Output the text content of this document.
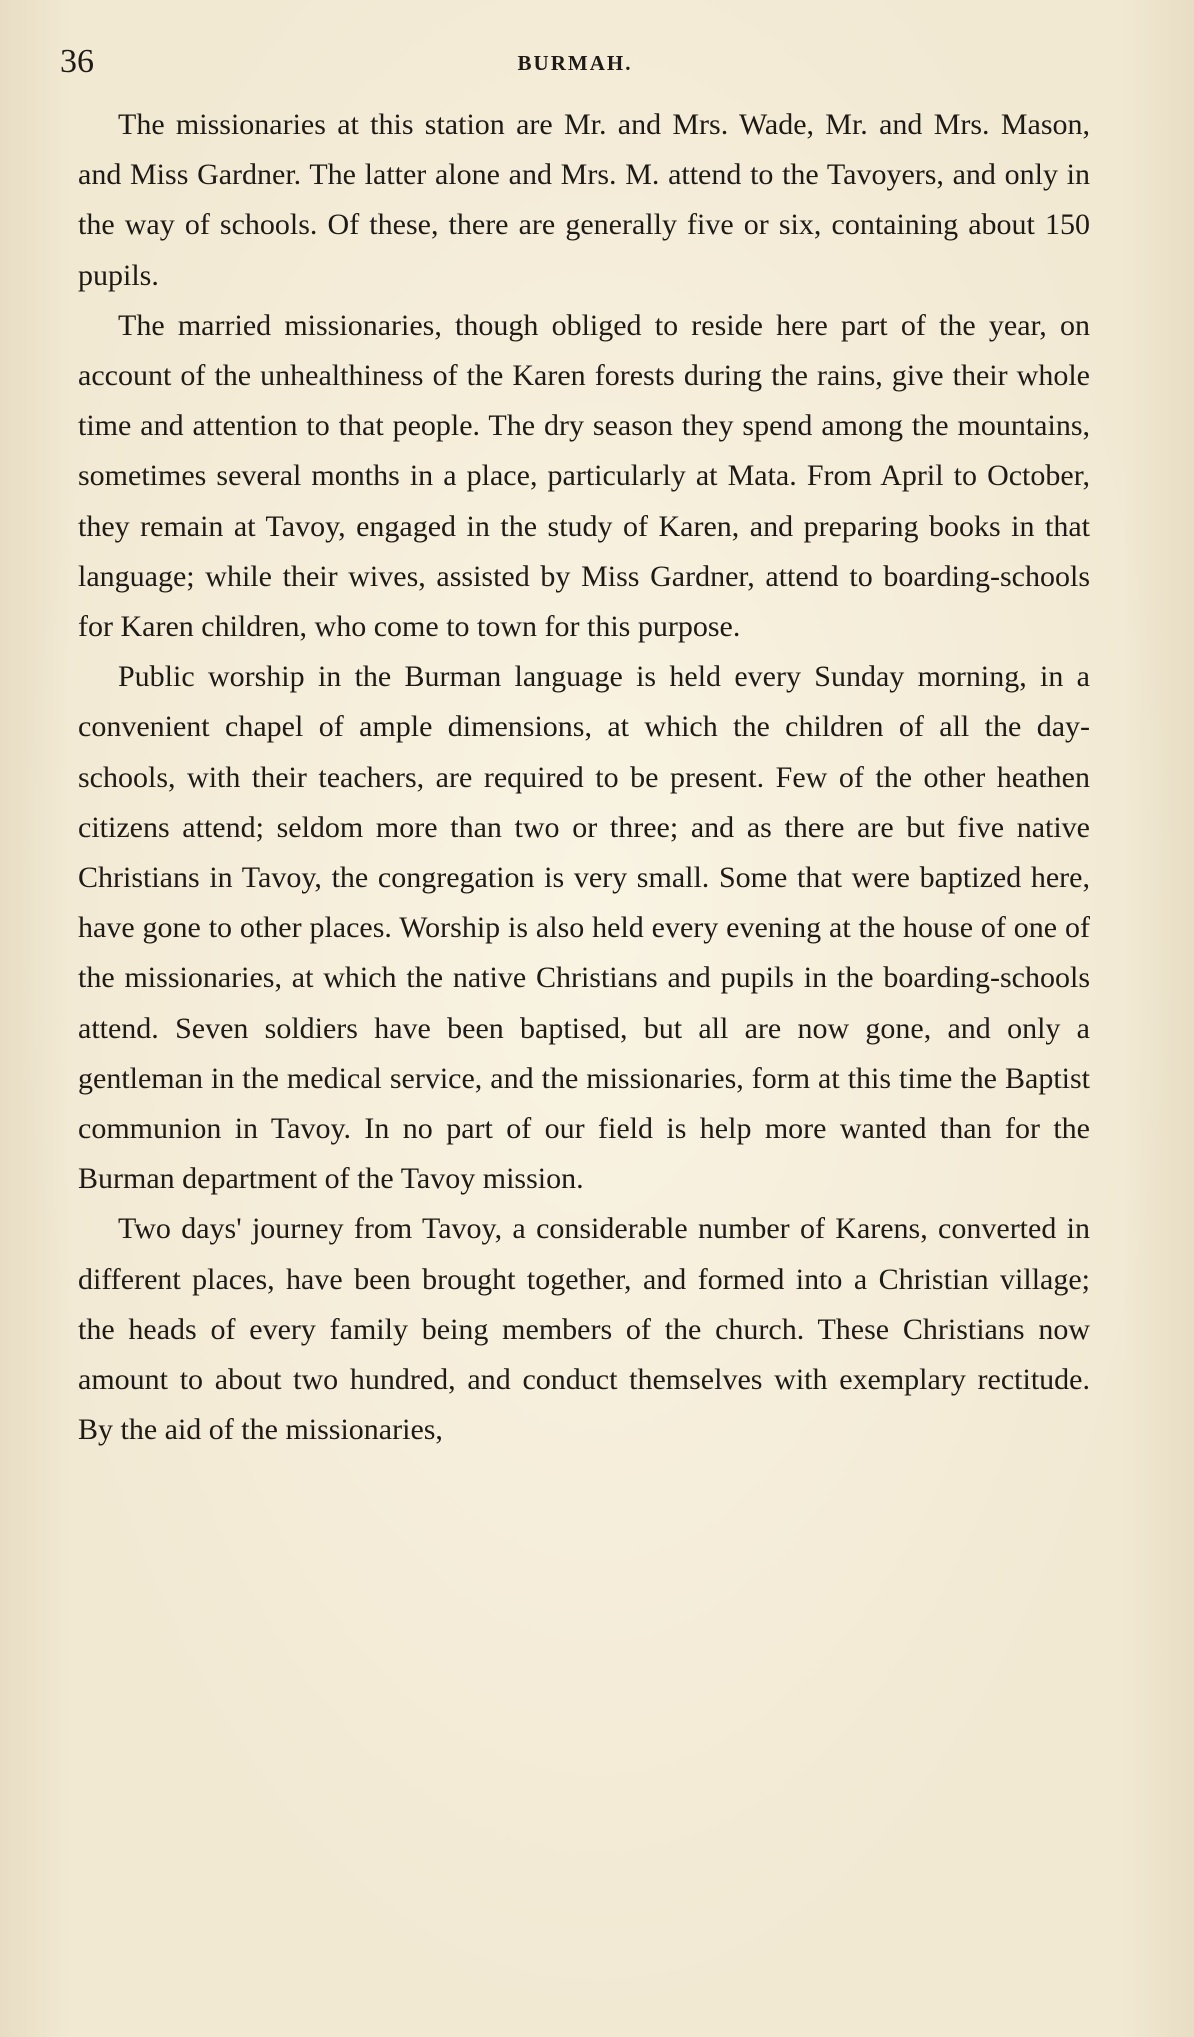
36	BURMAH.

The missionaries at this station are Mr. and Mrs. Wade, Mr. and Mrs. Mason, and Miss Gardner. The latter alone and Mrs. M. attend to the Tavoyers, and only in the way of schools. Of these, there are generally five or six, containing about 150 pupils.

The married missionaries, though obliged to reside here part of the year, on account of the unhealthiness of the Karen forests during the rains, give their whole time and attention to that people. The dry season they spend among the mountains, sometimes several months in a place, particularly at Mata. From April to October, they remain at Tavoy, engaged in the study of Karen, and preparing books in that language; while their wives, assisted by Miss Gardner, attend to boarding-schools for Karen children, who come to town for this purpose.

Public worship in the Burman language is held every Sunday morning, in a convenient chapel of ample dimensions, at which the children of all the day-schools, with their teachers, are required to be present. Few of the other heathen citizens attend; seldom more than two or three; and as there are but five native Christians in Tavoy, the congregation is very small. Some that were baptized here, have gone to other places. Worship is also held every evening at the house of one of the missionaries, at which the native Christians and pupils in the boarding-schools attend. Seven soldiers have been baptised, but all are now gone, and only a gentleman in the medical service, and the missionaries, form at this time the Baptist communion in Tavoy. In no part of our field is help more wanted than for the Burman department of the Tavoy mission.

Two days' journey from Tavoy, a considerable number of Karens, converted in different places, have been brought together, and formed into a Christian village; the heads of every family being members of the church. These Christians now amount to about two hundred, and conduct themselves with exemplary rectitude. By the aid of the missionaries,
